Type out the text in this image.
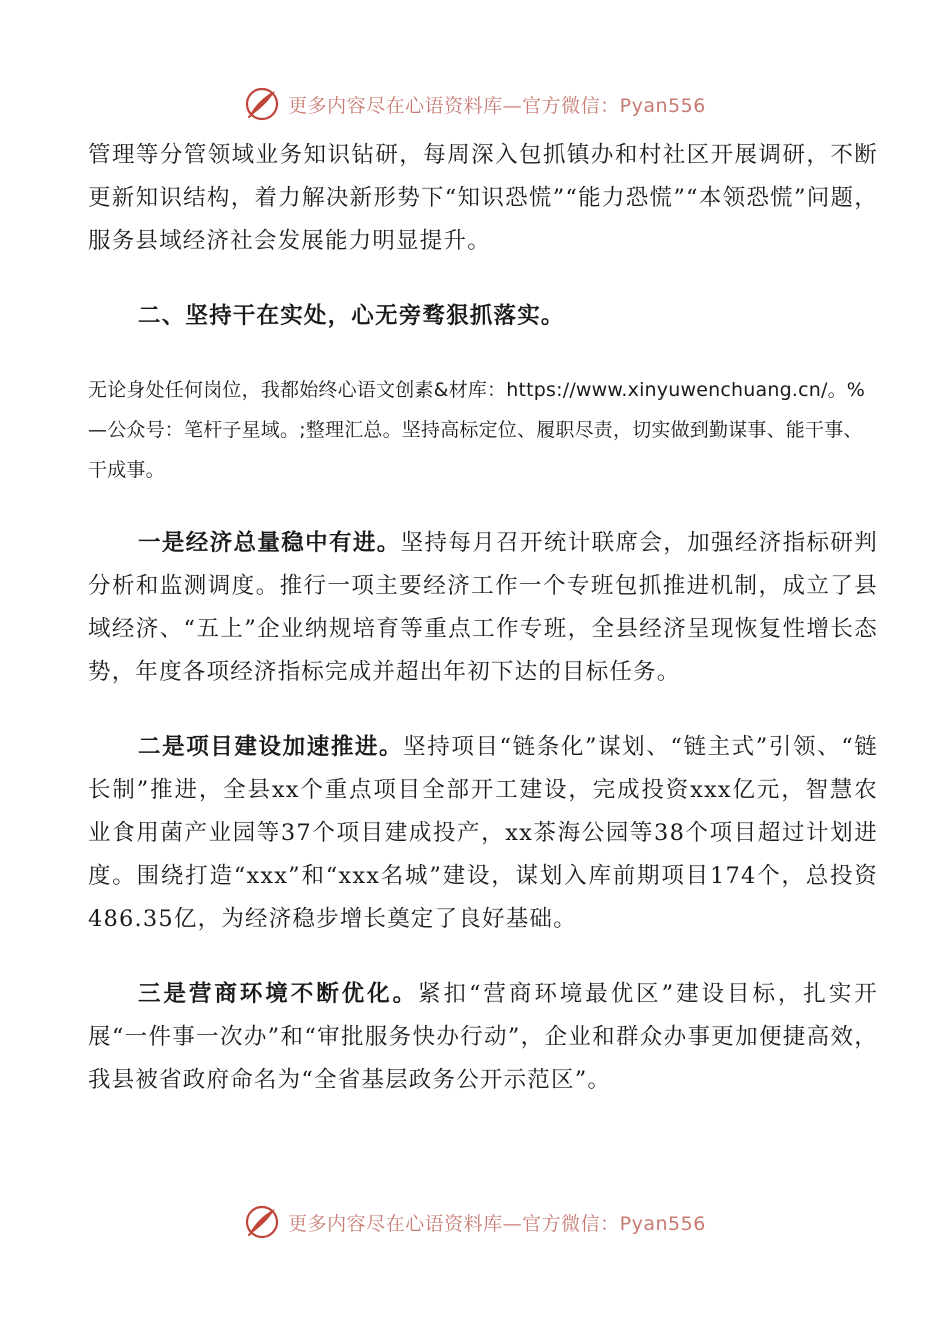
更多内容尽在心语资料库—官方微信：Pyan556

管理等分管领域业务知识钻研，每周深入包抓镇办和村社区开展调研，不断更新知识结构，着力解决新形势下“知识恐慌”“能力恐慌”“本领恐慌”问题，服务县域经济社会发展能力明显提升。

二、坚持干在实处，心无旁骛狠抓落实。

无论身处任何岗位，我都始终心语文创素&材库：https://www.xinyuwenchuang.cn/。%—公众号：笔杆子星域。;整理汇总。坚持高标定位、履职尽责，切实做到勤谋事、能干事、干成事。

一是经济总量稳中有进。坚持每月召开统计联席会，加强经济指标研判分析和监测调度。推行一项主要经济工作一个专班包抓推进机制，成立了县域经济、“五上”企业纳规培育等重点工作专班，全县经济呈现恢复性增长态势，年度各项经济指标完成并超出年初下达的目标任务。

二是项目建设加速推进。坚持项目“链条化”谋划、“链主式”引领、“链长制”推进，全县xx个重点项目全部开工建设，完成投资xxx亿元，智慧农业食用菌产业园等37个项目建成投产，xx茶海公园等38个项目超过计划进度。围绕打造“xxx”和“xxx名城”建设，谋划入库前期项目174个，总投资486.35亿，为经济稳步增长奠定了良好基础。

三是营商环境不断优化。紧扣“营商环境最优区”建设目标，扎实开展“一件事一次办”和“审批服务快办行动”，企业和群众办事更加便捷高效，我县被省政府命名为“全省基层政务公开示范区”。

更多内容尽在心语资料库—官方微信：Pyan556
